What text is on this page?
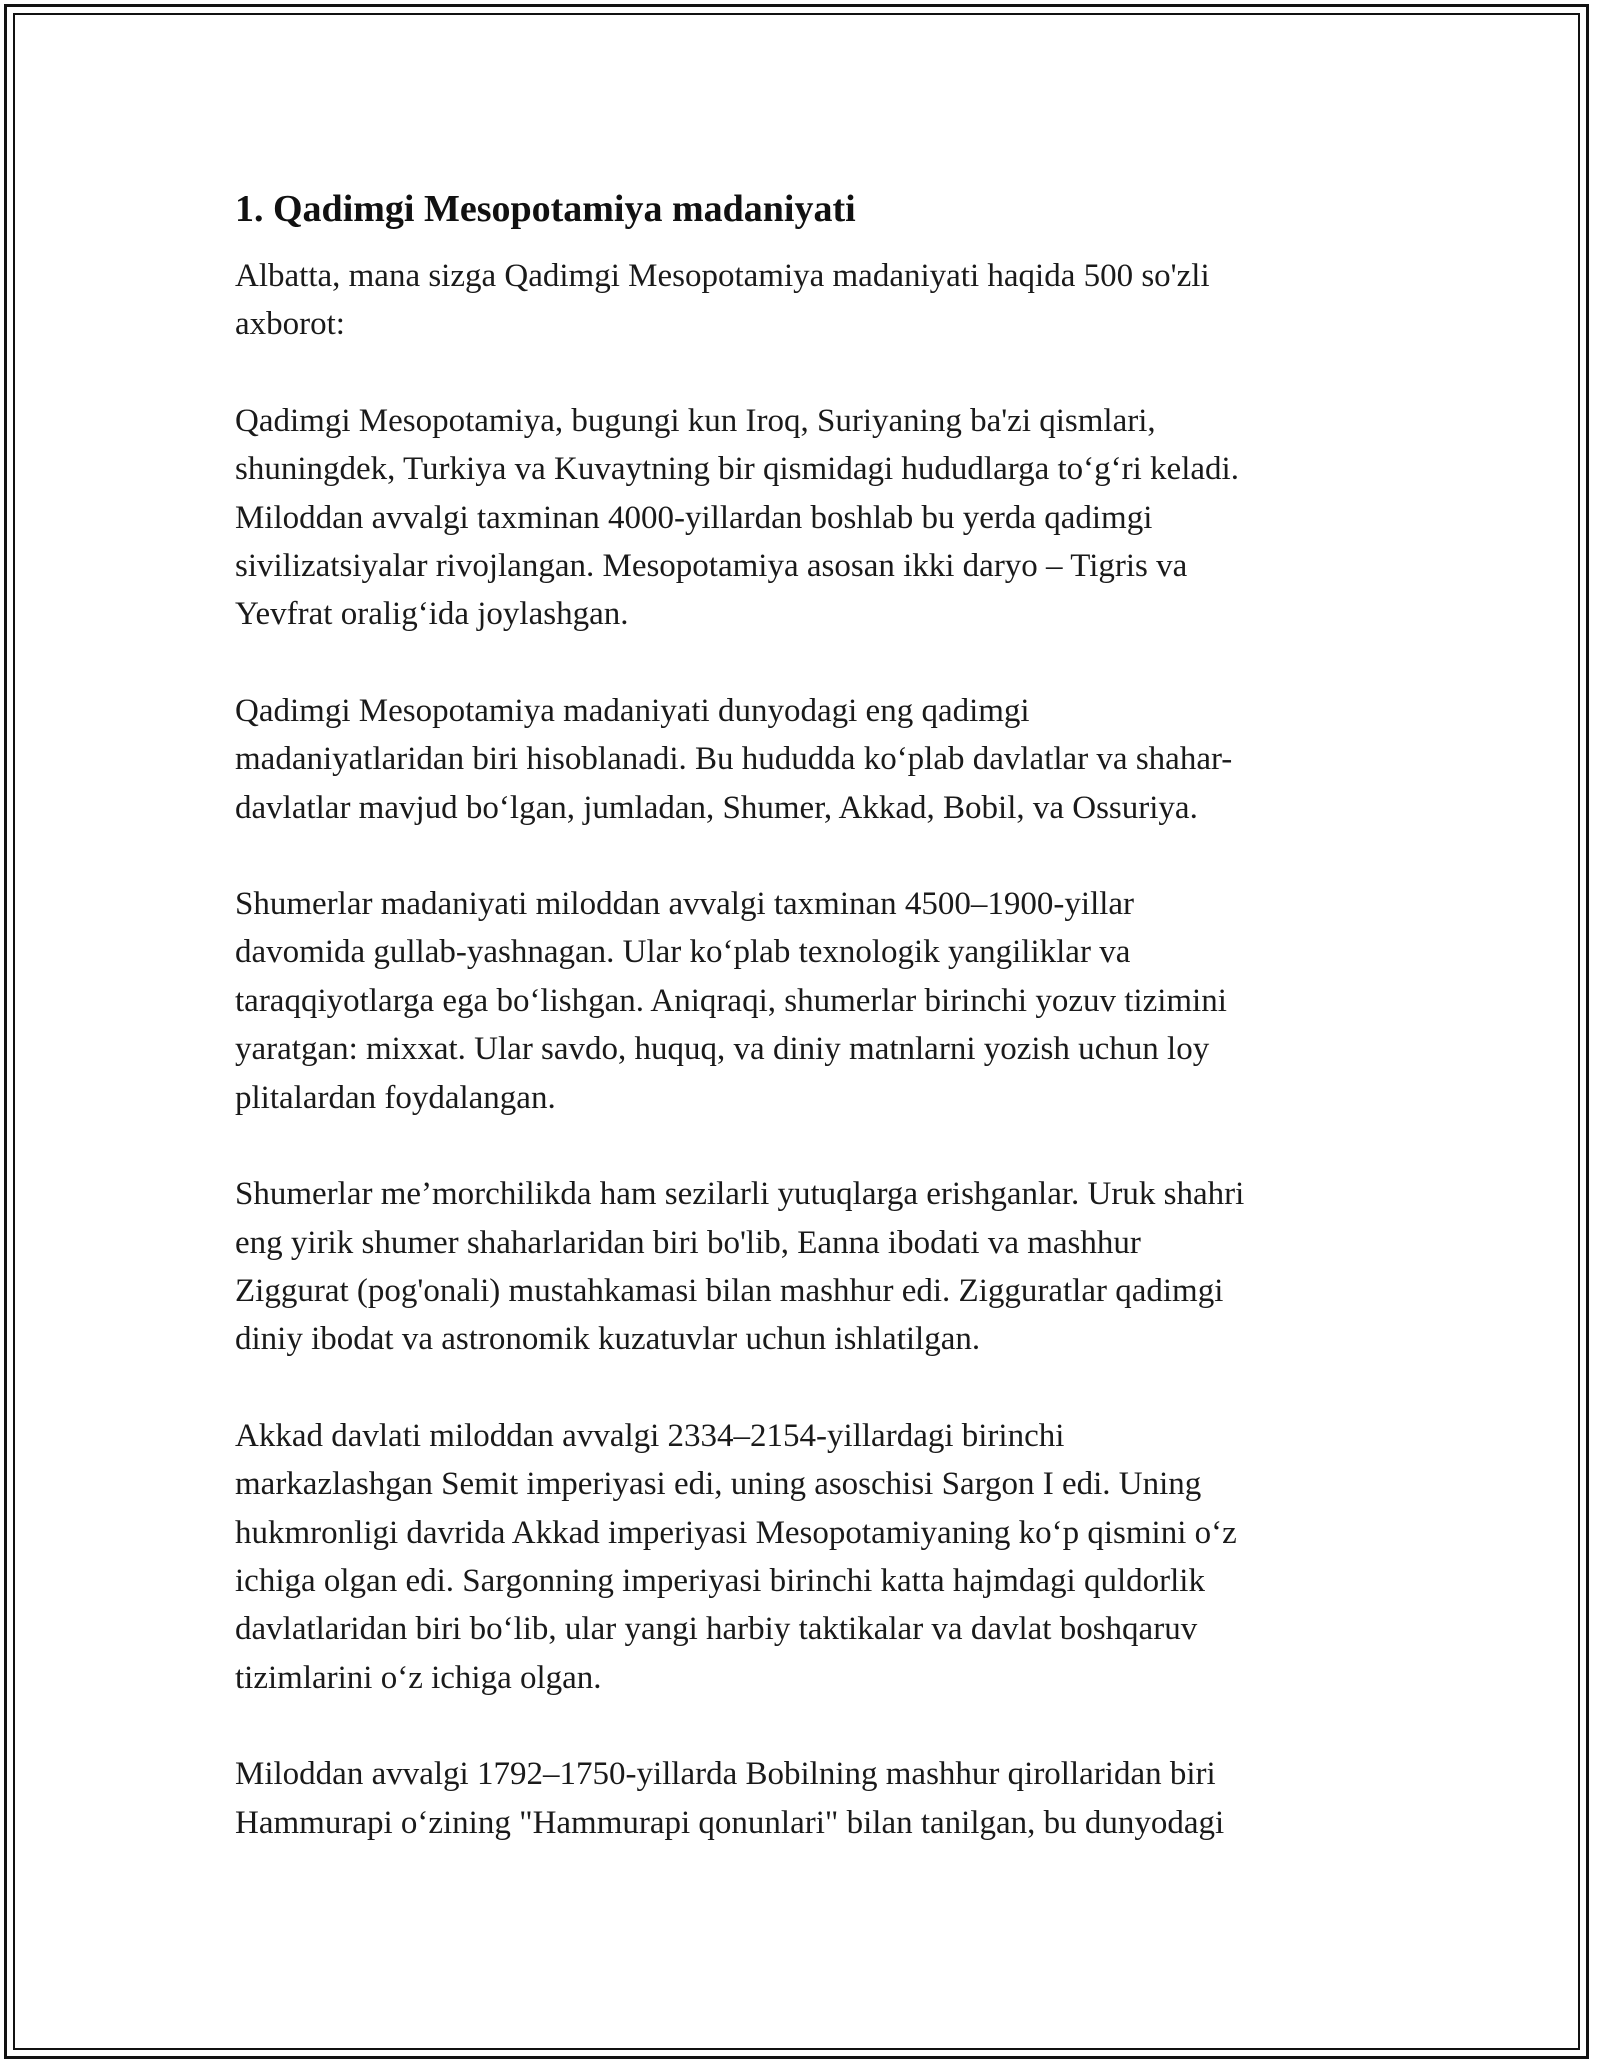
1. Qadimgi Mesopotamiya madaniyati

Albatta, mana sizga Qadimgi Mesopotamiya madaniyati haqida 500 so'zli
axborot:

Qadimgi Mesopotamiya, bugungi kun Iroq, Suriyaning ba'zi qismlari,
shuningdek, Turkiya va Kuvaytning bir qismidagi hududlarga to‘g‘ri keladi.
Miloddan avvalgi taxminan 4000-yillardan boshlab bu yerda qadimgi
sivilizatsiyalar rivojlangan. Mesopotamiya asosan ikki daryo – Tigris va
Yevfrat oralig‘ida joylashgan.

Qadimgi Mesopotamiya madaniyati dunyodagi eng qadimgi
madaniyatlaridan biri hisoblanadi. Bu hududda ko‘plab davlatlar va shahar-
davlatlar mavjud bo‘lgan, jumladan, Shumer, Akkad, Bobil, va Ossuriya.

Shumerlar madaniyati miloddan avvalgi taxminan 4500–1900-yillar
davomida gullab-yashnagan. Ular ko‘plab texnologik yangiliklar va
taraqqiyotlarga ega bo‘lishgan. Aniqraqi, shumerlar birinchi yozuv tizimini
yaratgan: mixxat. Ular savdo, huquq, va diniy matnlarni yozish uchun loy
plitalardan foydalangan.

Shumerlar me’morchilikda ham sezilarli yutuqlarga erishganlar. Uruk shahri
eng yirik shumer shaharlaridan biri bo'lib, Eanna ibodati va mashhur
Ziggurat (pog'onali) mustahkamasi bilan mashhur edi. Zigguratlar qadimgi
diniy ibodat va astronomik kuzatuvlar uchun ishlatilgan.

Akkad davlati miloddan avvalgi 2334–2154-yillardagi birinchi
markazlashgan Semit imperiyasi edi, uning asoschisi Sargon I edi. Uning
hukmronligi davrida Akkad imperiyasi Mesopotamiyaning ko‘p qismini o‘z
ichiga olgan edi. Sargonning imperiyasi birinchi katta hajmdagi quldorlik
davlatlaridan biri bo‘lib, ular yangi harbiy taktikalar va davlat boshqaruv
tizimlarini o‘z ichiga olgan.

Miloddan avvalgi 1792–1750-yillarda Bobilning mashhur qirollaridan biri
Hammurapi o‘zining "Hammurapi qonunlari" bilan tanilgan, bu dunyodagi
